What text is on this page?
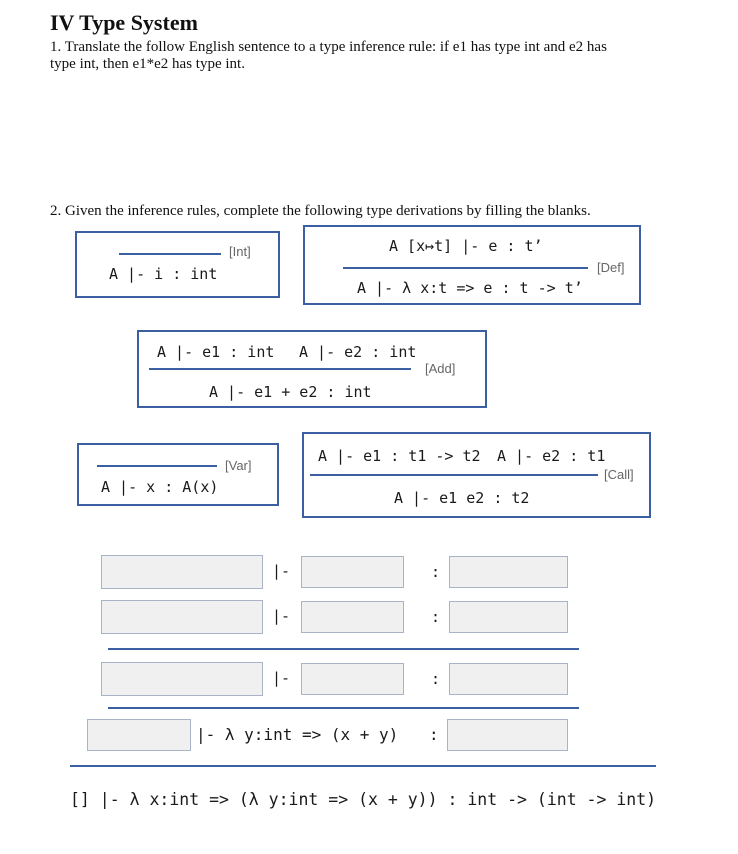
IV Type System
1. Translate the follow English sentence to a type inference rule: if e1 has type int and e2 has
type int, then e1*e2 has type int.
2. Given the inference rules, complete the following type derivations by filling the blanks.
[Int]
A |- i : int
A [x↦t] |- e : t’
[Def]
A |- λ x:t => e : t -> t’
A |- e1 : int A |- e2 : int
[Add]
A |- e1 + e2 : int
[Var]
A |- x : A(x)
A |- e1 : t1 -> t2 A |- e2 : t1
[Call]
A |- e1 e2 : t2
|-	:
|-	:
|-	:
|- λ y:int => (x + y) :
[] |- λ x:int => (λ y:int => (x + y)) : int -> (int -> int)
